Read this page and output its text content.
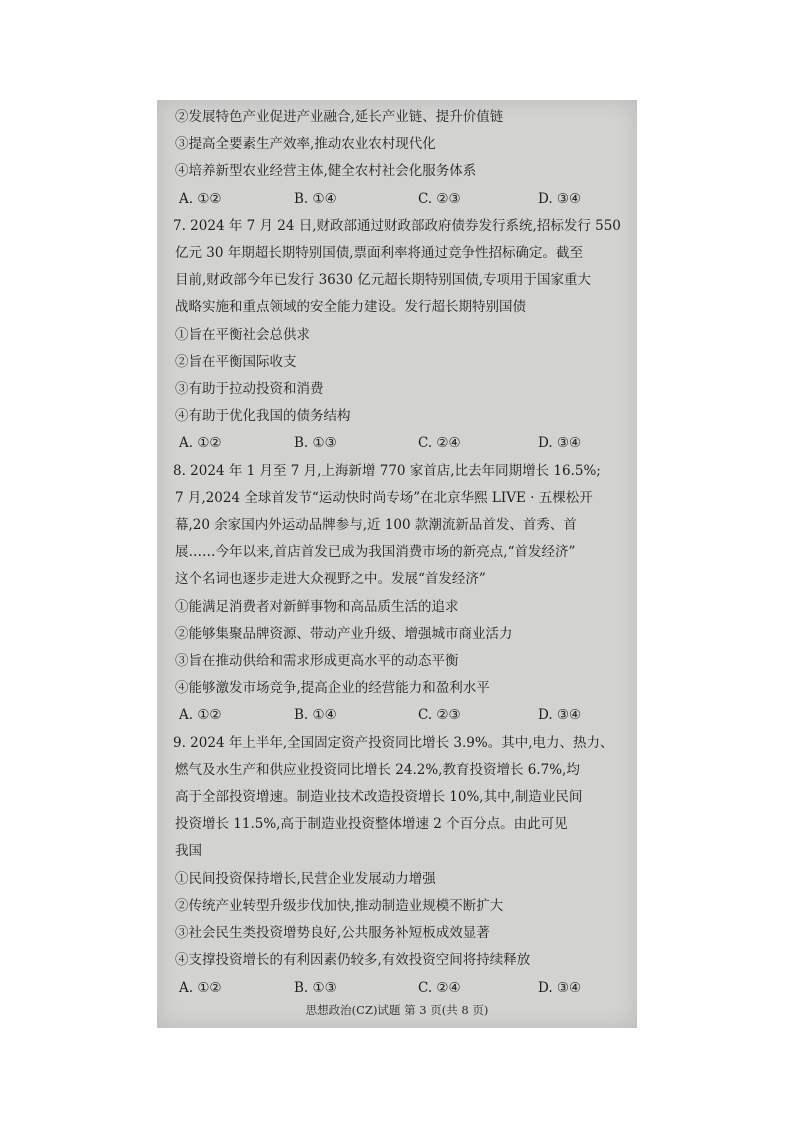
②发展特色产业促进产业融合,延长产业链、提升价值链
③提高全要素生产效率,推动农业农村现代化
④培养新型农业经营主体,健全农村社会化服务体系
A. ①②	B. ①④	C. ②③	D. ③④
7. 2024 年 7 月 24 日,财政部通过财政部政府债券发行系统,招标发行 550
亿元 30 年期超长期特别国债,票面利率将通过竞争性招标确定。截至
目前,财政部今年已发行 3630 亿元超长期特别国债,专项用于国家重大
战略实施和重点领域的安全能力建设。发行超长期特别国债
①旨在平衡社会总供求
②旨在平衡国际收支
③有助于拉动投资和消费
④有助于优化我国的债务结构
A. ①②	B. ①③	C. ②④	D. ③④
8. 2024 年 1 月至 7 月,上海新增 770 家首店,比去年同期增长 16.5%;
7 月,2024 全球首发节“运动快时尚专场”在北京华熙 LIVE · 五棵松开
幕,20 余家国内外运动品牌参与,近 100 款潮流新品首发、首秀、首
展……今年以来,首店首发已成为我国消费市场的新亮点,“首发经济”
这个名词也逐步走进大众视野之中。发展“首发经济”
①能满足消费者对新鲜事物和高品质生活的追求
②能够集聚品牌资源、带动产业升级、增强城市商业活力
③旨在推动供给和需求形成更高水平的动态平衡
④能够激发市场竞争,提高企业的经营能力和盈利水平
A. ①②	B. ①④	C. ②③	D. ③④
9. 2024 年上半年,全国固定资产投资同比增长 3.9%。其中,电力、热力、
燃气及水生产和供应业投资同比增长 24.2%,教育投资增长 6.7%,均
高于全部投资增速。制造业技术改造投资增长 10%,其中,制造业民间
投资增长 11.5%,高于制造业投资整体增速 2 个百分点。由此可见
我国
①民间投资保持增长,民营企业发展动力增强
②传统产业转型升级步伐加快,推动制造业规模不断扩大
③社会民生类投资增势良好,公共服务补短板成效显著
④支撑投资增长的有利因素仍较多,有效投资空间将持续释放
A. ①②	B. ①③	C. ②④	D. ③④
思想政治(CZ)试题 第 3 页(共 8 页)
